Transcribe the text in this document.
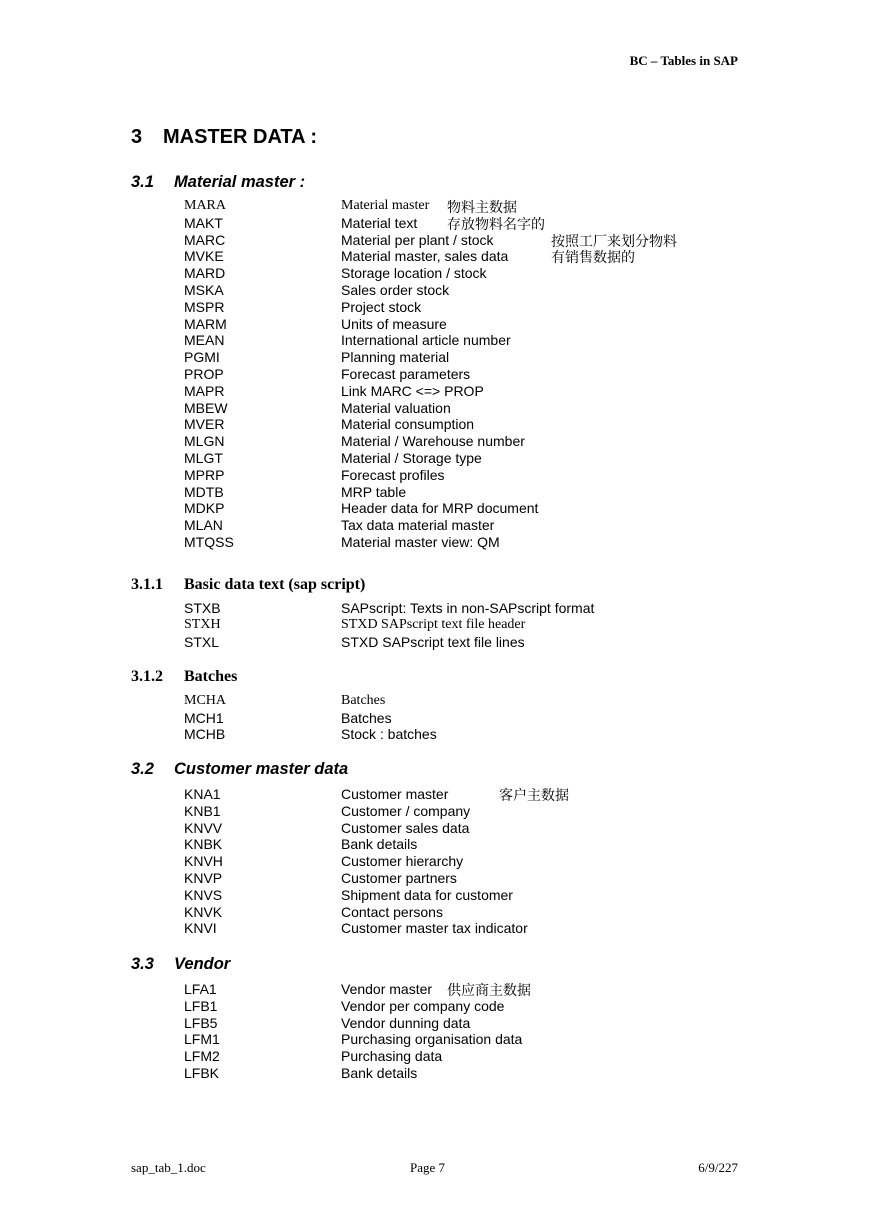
BC – Tables in SAP
3 MASTER DATA :
3.1 Material master :
MARA	Material master 物料主数据
MAKT	Material text 存放物料名字的
MARC	Material per plant / stock	按照工厂来划分物料
MVKE	Material master, sales data	有销售数据的
MARD	Storage location / stock
MSKA	Sales order stock
MSPR	Project stock
MARM	Units of measure
MEAN	International article number
PGMI	Planning material
PROP	Forecast parameters
MAPR	Link MARC <=> PROP
MBEW	Material valuation
MVER	Material consumption
MLGN	Material / Warehouse number
MLGT	Material / Storage type
MPRP	Forecast profiles
MDTB	MRP table
MDKP	Header data for MRP document
MLAN	Tax data material master
MTQSS	Material master view: QM
3.1.1 Basic data text (sap script)
STXB	SAPscript: Texts in non-SAPscript format
STXH	STXD SAPscript text file header
STXL	STXD SAPscript text file lines
3.1.2 Batches
MCHA	Batches
MCH1	Batches
MCHB	Stock : batches
3.2 Customer master data
KNA1	Customer master	客户主数据
KNB1	Customer / company
KNVV	Customer sales data
KNBK	Bank details
KNVH	Customer hierarchy
KNVP	Customer partners
KNVS	Shipment data for customer
KNVK	Contact persons
KNVI	Customer master tax indicator
3.3 Vendor
LFA1	Vendor master 供应商主数据
LFB1	Vendor per company code
LFB5	Vendor dunning data
LFM1	Purchasing organisation data
LFM2	Purchasing data
LFBK	Bank details
sap_tab_1.doc	Page 7	6/9/227
